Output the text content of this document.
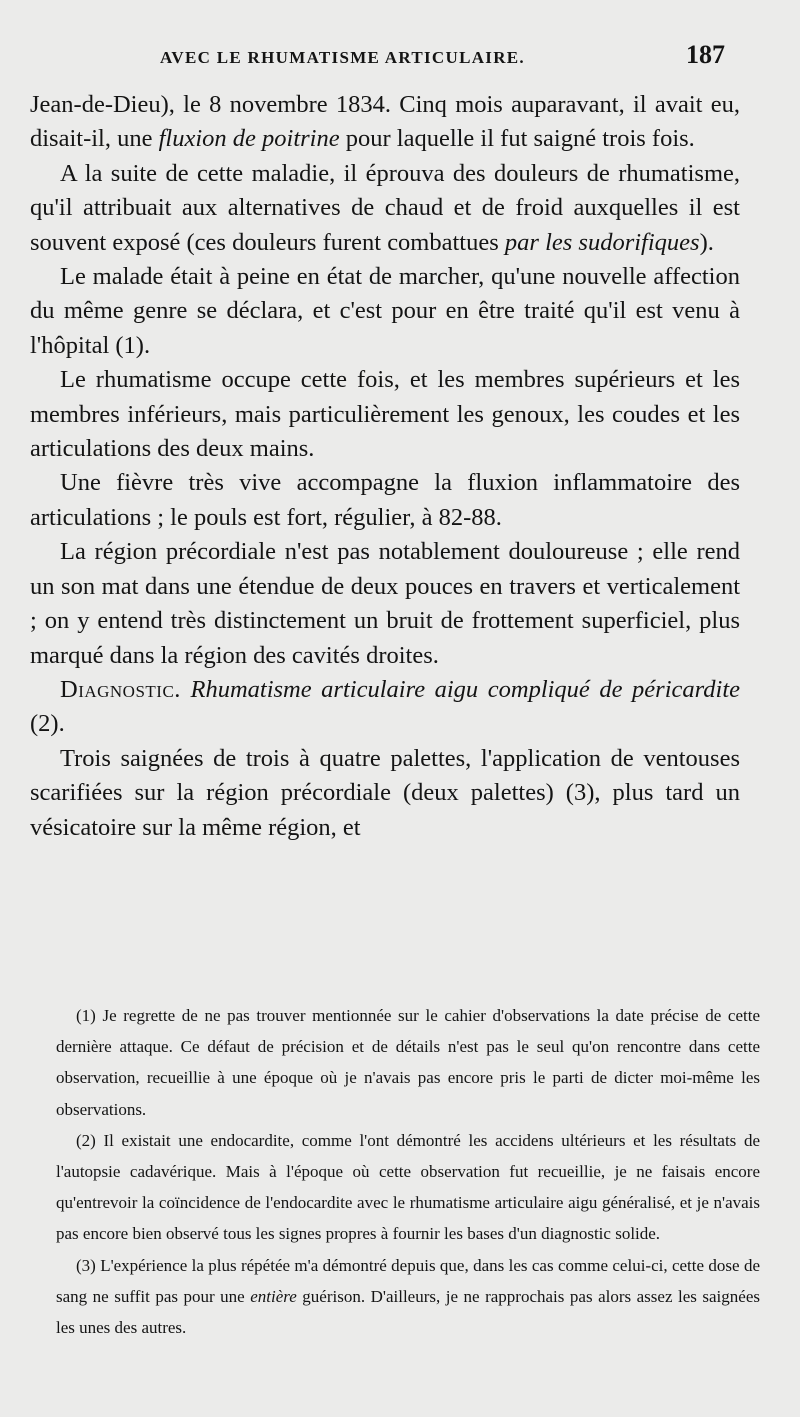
AVEC LE RHUMATISME ARTICULAIRE.	187

Jean-de-Dieu), le 8 novembre 1834. Cinq mois auparavant, il avait eu, disait-il, une fluxion de poitrine pour laquelle il fut saigné trois fois.

A la suite de cette maladie, il éprouva des douleurs de rhumatisme, qu'il attribuait aux alternatives de chaud et de froid auxquelles il est souvent exposé (ces douleurs furent combattues par les sudorifiques).

Le malade était à peine en état de marcher, qu'une nouvelle affection du même genre se déclara, et c'est pour en être traité qu'il est venu à l'hôpital (1).

Le rhumatisme occupe cette fois, et les membres supérieurs et les membres inférieurs, mais particulièrement les genoux, les coudes et les articulations des deux mains.

Une fièvre très vive accompagne la fluxion inflammatoire des articulations ; le pouls est fort, régulier, à 82-88.

La région précordiale n'est pas notablement douloureuse ; elle rend un son mat dans une étendue de deux pouces en travers et verticalement ; on y entend très distinctement un bruit de frottement superficiel, plus marqué dans la région des cavités droites.

Diagnostic. Rhumatisme articulaire aigu compliqué de péricardite (2).

Trois saignées de trois à quatre palettes, l'application de ventouses scarifiées sur la région précordiale (deux palettes) (3), plus tard un vésicatoire sur la même région, et

(1) Je regrette de ne pas trouver mentionnée sur le cahier d'observations la date précise de cette dernière attaque. Ce défaut de précision et de détails n'est pas le seul qu'on rencontre dans cette observation, recueillie à une époque où je n'avais pas encore pris le parti de dicter moi-même les observations.

(2) Il existait une endocardite, comme l'ont démontré les accidens ultérieurs et les résultats de l'autopsie cadavérique. Mais à l'époque où cette observation fut recueillie, je ne faisais encore qu'entrevoir la coïncidence de l'endocardite avec le rhumatisme articulaire aigu généralisé, et je n'avais pas encore bien observé tous les signes propres à fournir les bases d'un diagnostic solide.

(3) L'expérience la plus répétée m'a démontré depuis que, dans les cas comme celui-ci, cette dose de sang ne suffit pas pour une entière guérison. D'ailleurs, je ne rapprochais pas alors assez les saignées les unes des autres.
